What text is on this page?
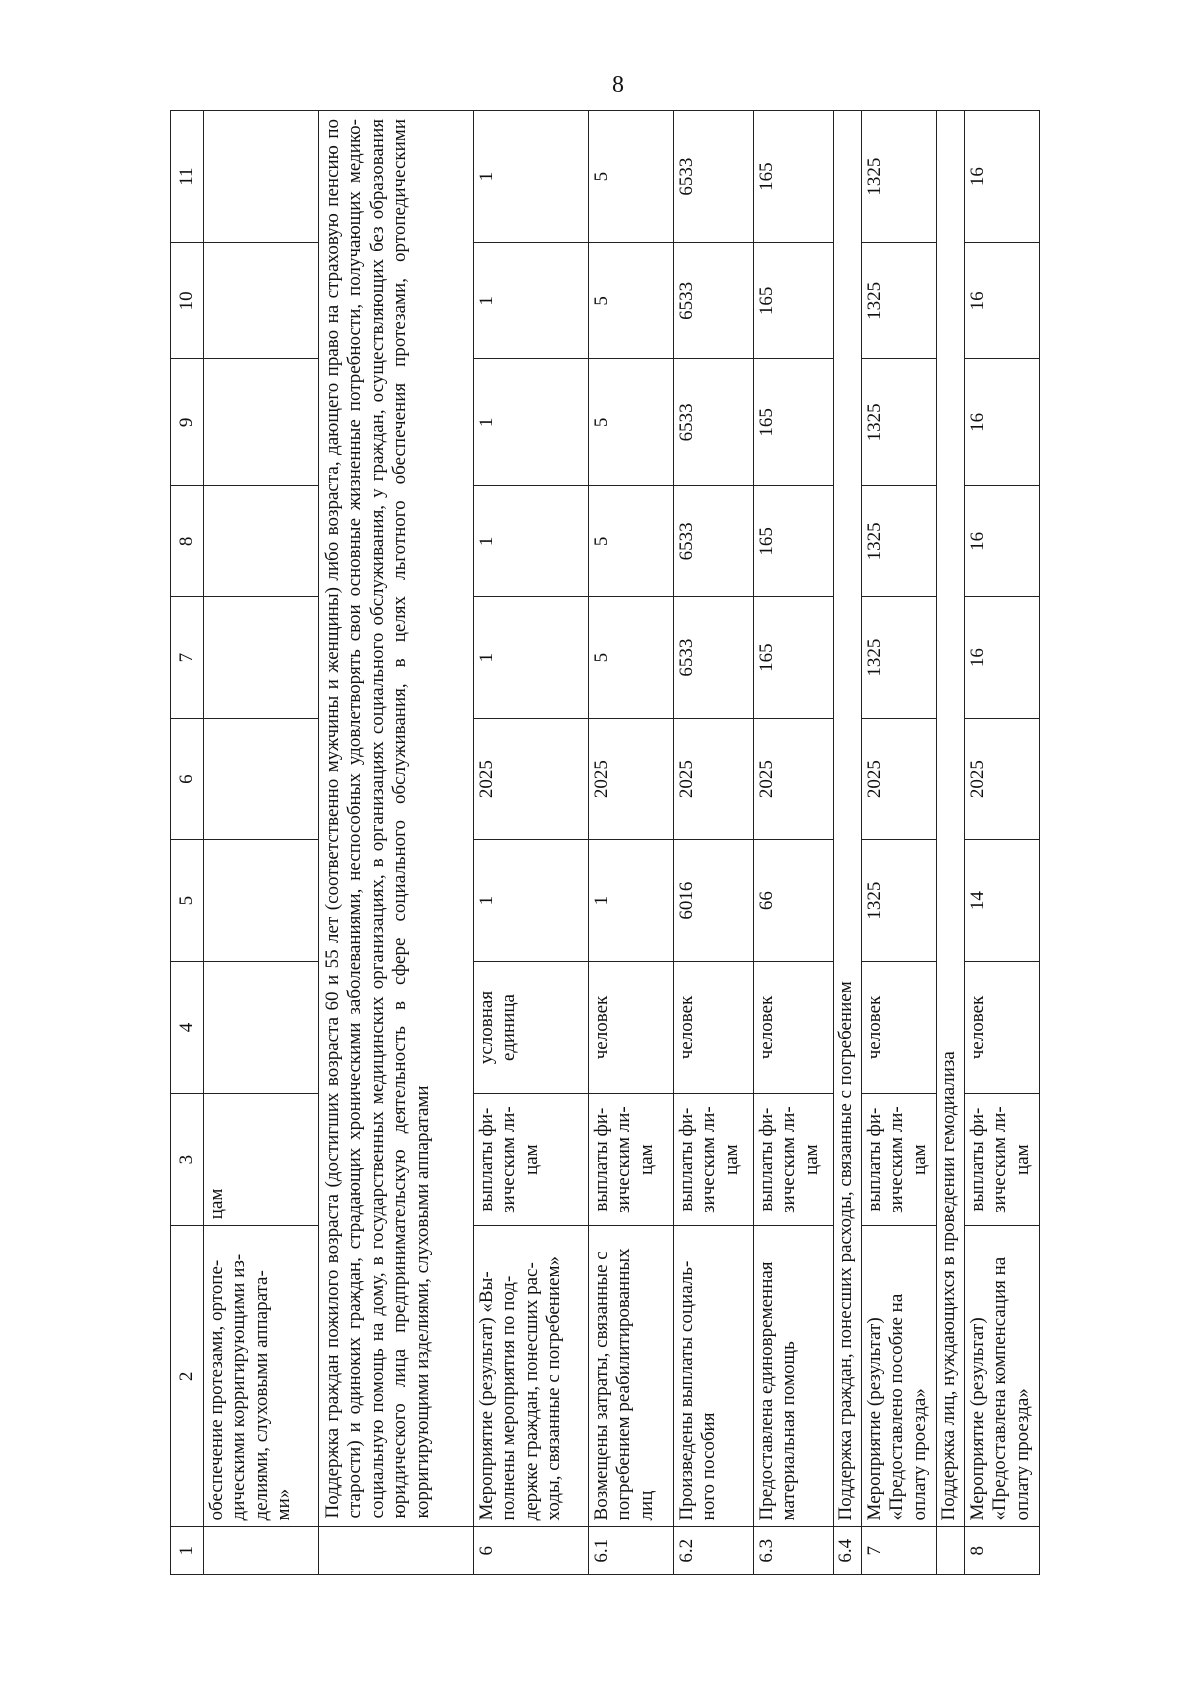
8
1	2	3	4	5	6	7	8	9	10	11

	обеспечение протезами, ортопе- дическими корригирующими из- делиями, слуховыми аппарата- ми»	цам								

	Поддержка граждан пожилого возраста (достигших возраста 60 и 55 лет (соответственно мужчины и женщины) либо возраста, дающего право на страховую пенсию по старости) и одиноких граждан, страдающих хроническими заболеваниями, неспособных удовлетворять свои основные жизненные потребности, получающих медико-социальную помощь на дому, в государственных медицинских организациях, в организациях социального обслуживания, у граждан, осуществляющих без образования юридического лица предпринимательскую деятельность в сфере социального обслуживания, в целях льготного обеспечения протезами, ортопедическими корригирующими изделиями, слуховыми аппаратами									
6	Мероприятие (результат) «Вы- полнены мероприятия по под- держке граждан, понесших рас- ходы, связанные с погребением»	выплаты фи- зическим ли- цам	условная единица	1	2025	1	1	1	1	1
6.1	Возмещены затраты, связанные с погребением реабилитированных лиц	выплаты фи- зическим ли- цам	человек	1	2025	5	5	5	5	5
6.2	Произведены выплаты социаль- ного пособия	выплаты фи- зическим ли- цам	человек	6016	2025	6533	6533	6533	6533	6533
6.3	Предоставлена единовременная материальная помощь	выплаты фи- зическим ли- цам	человек	66	2025	165	165	165	165	165
6.4	Поддержка граждан, понесших расходы, связанные с погребением									
7	Мероприятие (результат) «Предоставлено пособие на оплату проезда»	выплаты фи- зическим ли- цам	человек	1325	2025	1325	1325	1325	1325	1325
	Поддержка лиц, нуждающихся в проведении гемодиализа									
8	Мероприятие (результат) «Предоставлена компенсация на оплату проезда»	выплаты фи- зическим ли- цам	человек	14	2025	16	16	16	16	16
